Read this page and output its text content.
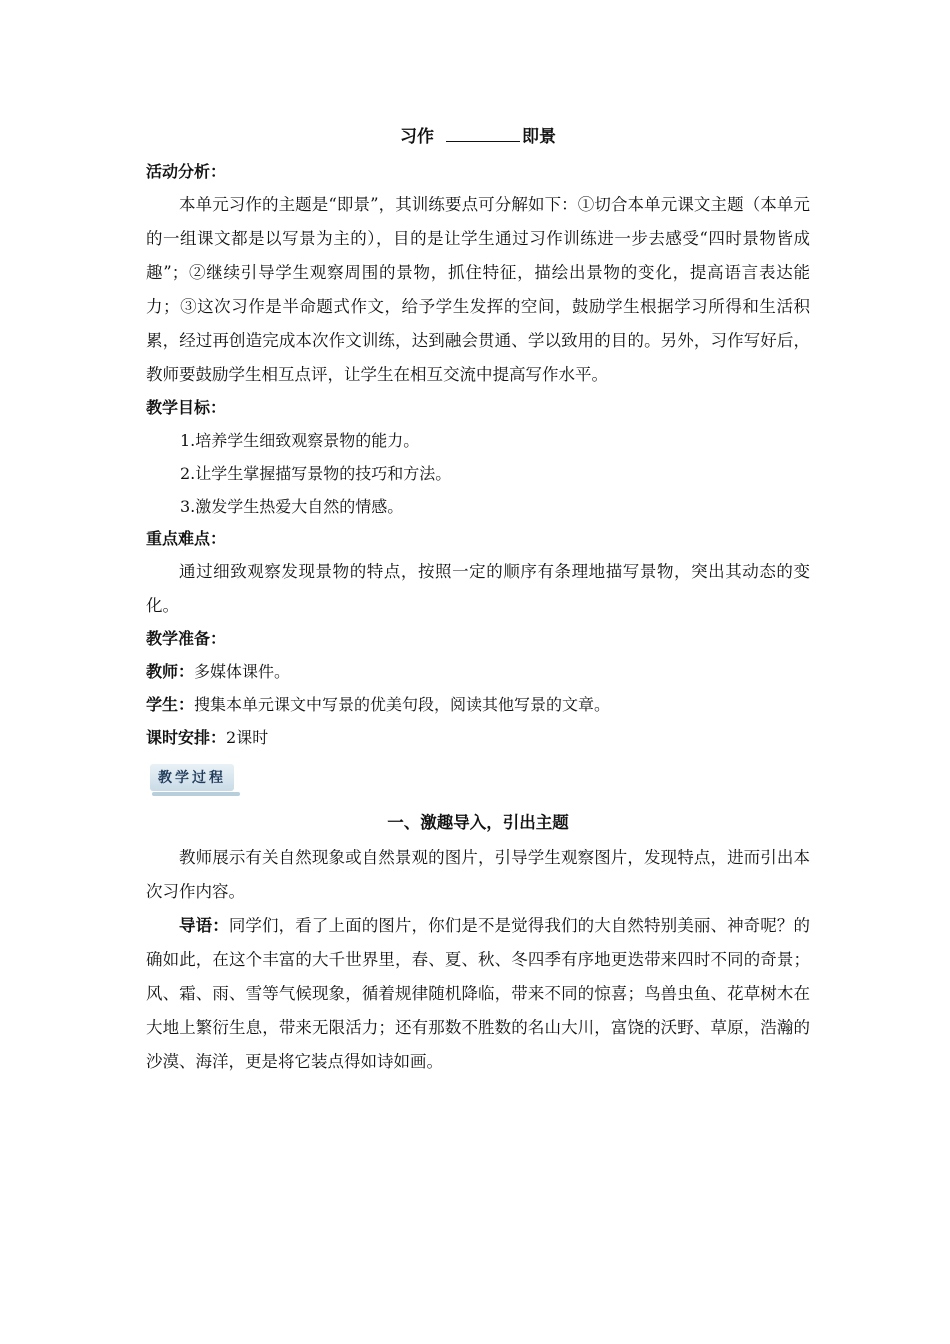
习作	即景

活动分析：

本单元习作的主题是“即景”，其训练要点可分解如下：①切合本单元课文主题（本单元的一组课文都是以写景为主的），目的是让学生通过习作训练进一步去感受“四时景物皆成趣”；②继续引导学生观察周围的景物，抓住特征，描绘出景物的变化，提高语言表达能力；③这次习作是半命题式作文，给予学生发挥的空间，鼓励学生根据学习所得和生活积累，经过再创造完成本次作文训练，达到融会贯通、学以致用的目的。另外，习作写好后，教师要鼓励学生相互点评，让学生在相互交流中提高写作水平。

教学目标：

1.培养学生细致观察景物的能力。

2.让学生掌握描写景物的技巧和方法。

3.激发学生热爱大自然的情感。

重点难点：

通过细致观察发现景物的特点，按照一定的顺序有条理地描写景物，突出其动态的变化。

教学准备：

教师：多媒体课件。

学生：搜集本单元课文中写景的优美句段，阅读其他写景的文章。

课时安排：2课时

教学过程
一、激趣导入，引出主题

教师展示有关自然现象或自然景观的图片，引导学生观察图片，发现特点，进而引出本次习作内容。

导语：同学们，看了上面的图片，你们是不是觉得我们的大自然特别美丽、神奇呢？的确如此，在这个丰富的大千世界里，春、夏、秋、冬四季有序地更迭带来四时不同的奇景；风、霜、雨、雪等气候现象，循着规律随机降临，带来不同的惊喜；鸟兽虫鱼、花草树木在大地上繁衍生息，带来无限活力；还有那数不胜数的名山大川，富饶的沃野、草原，浩瀚的沙漠、海洋，更是将它装点得如诗如画。
